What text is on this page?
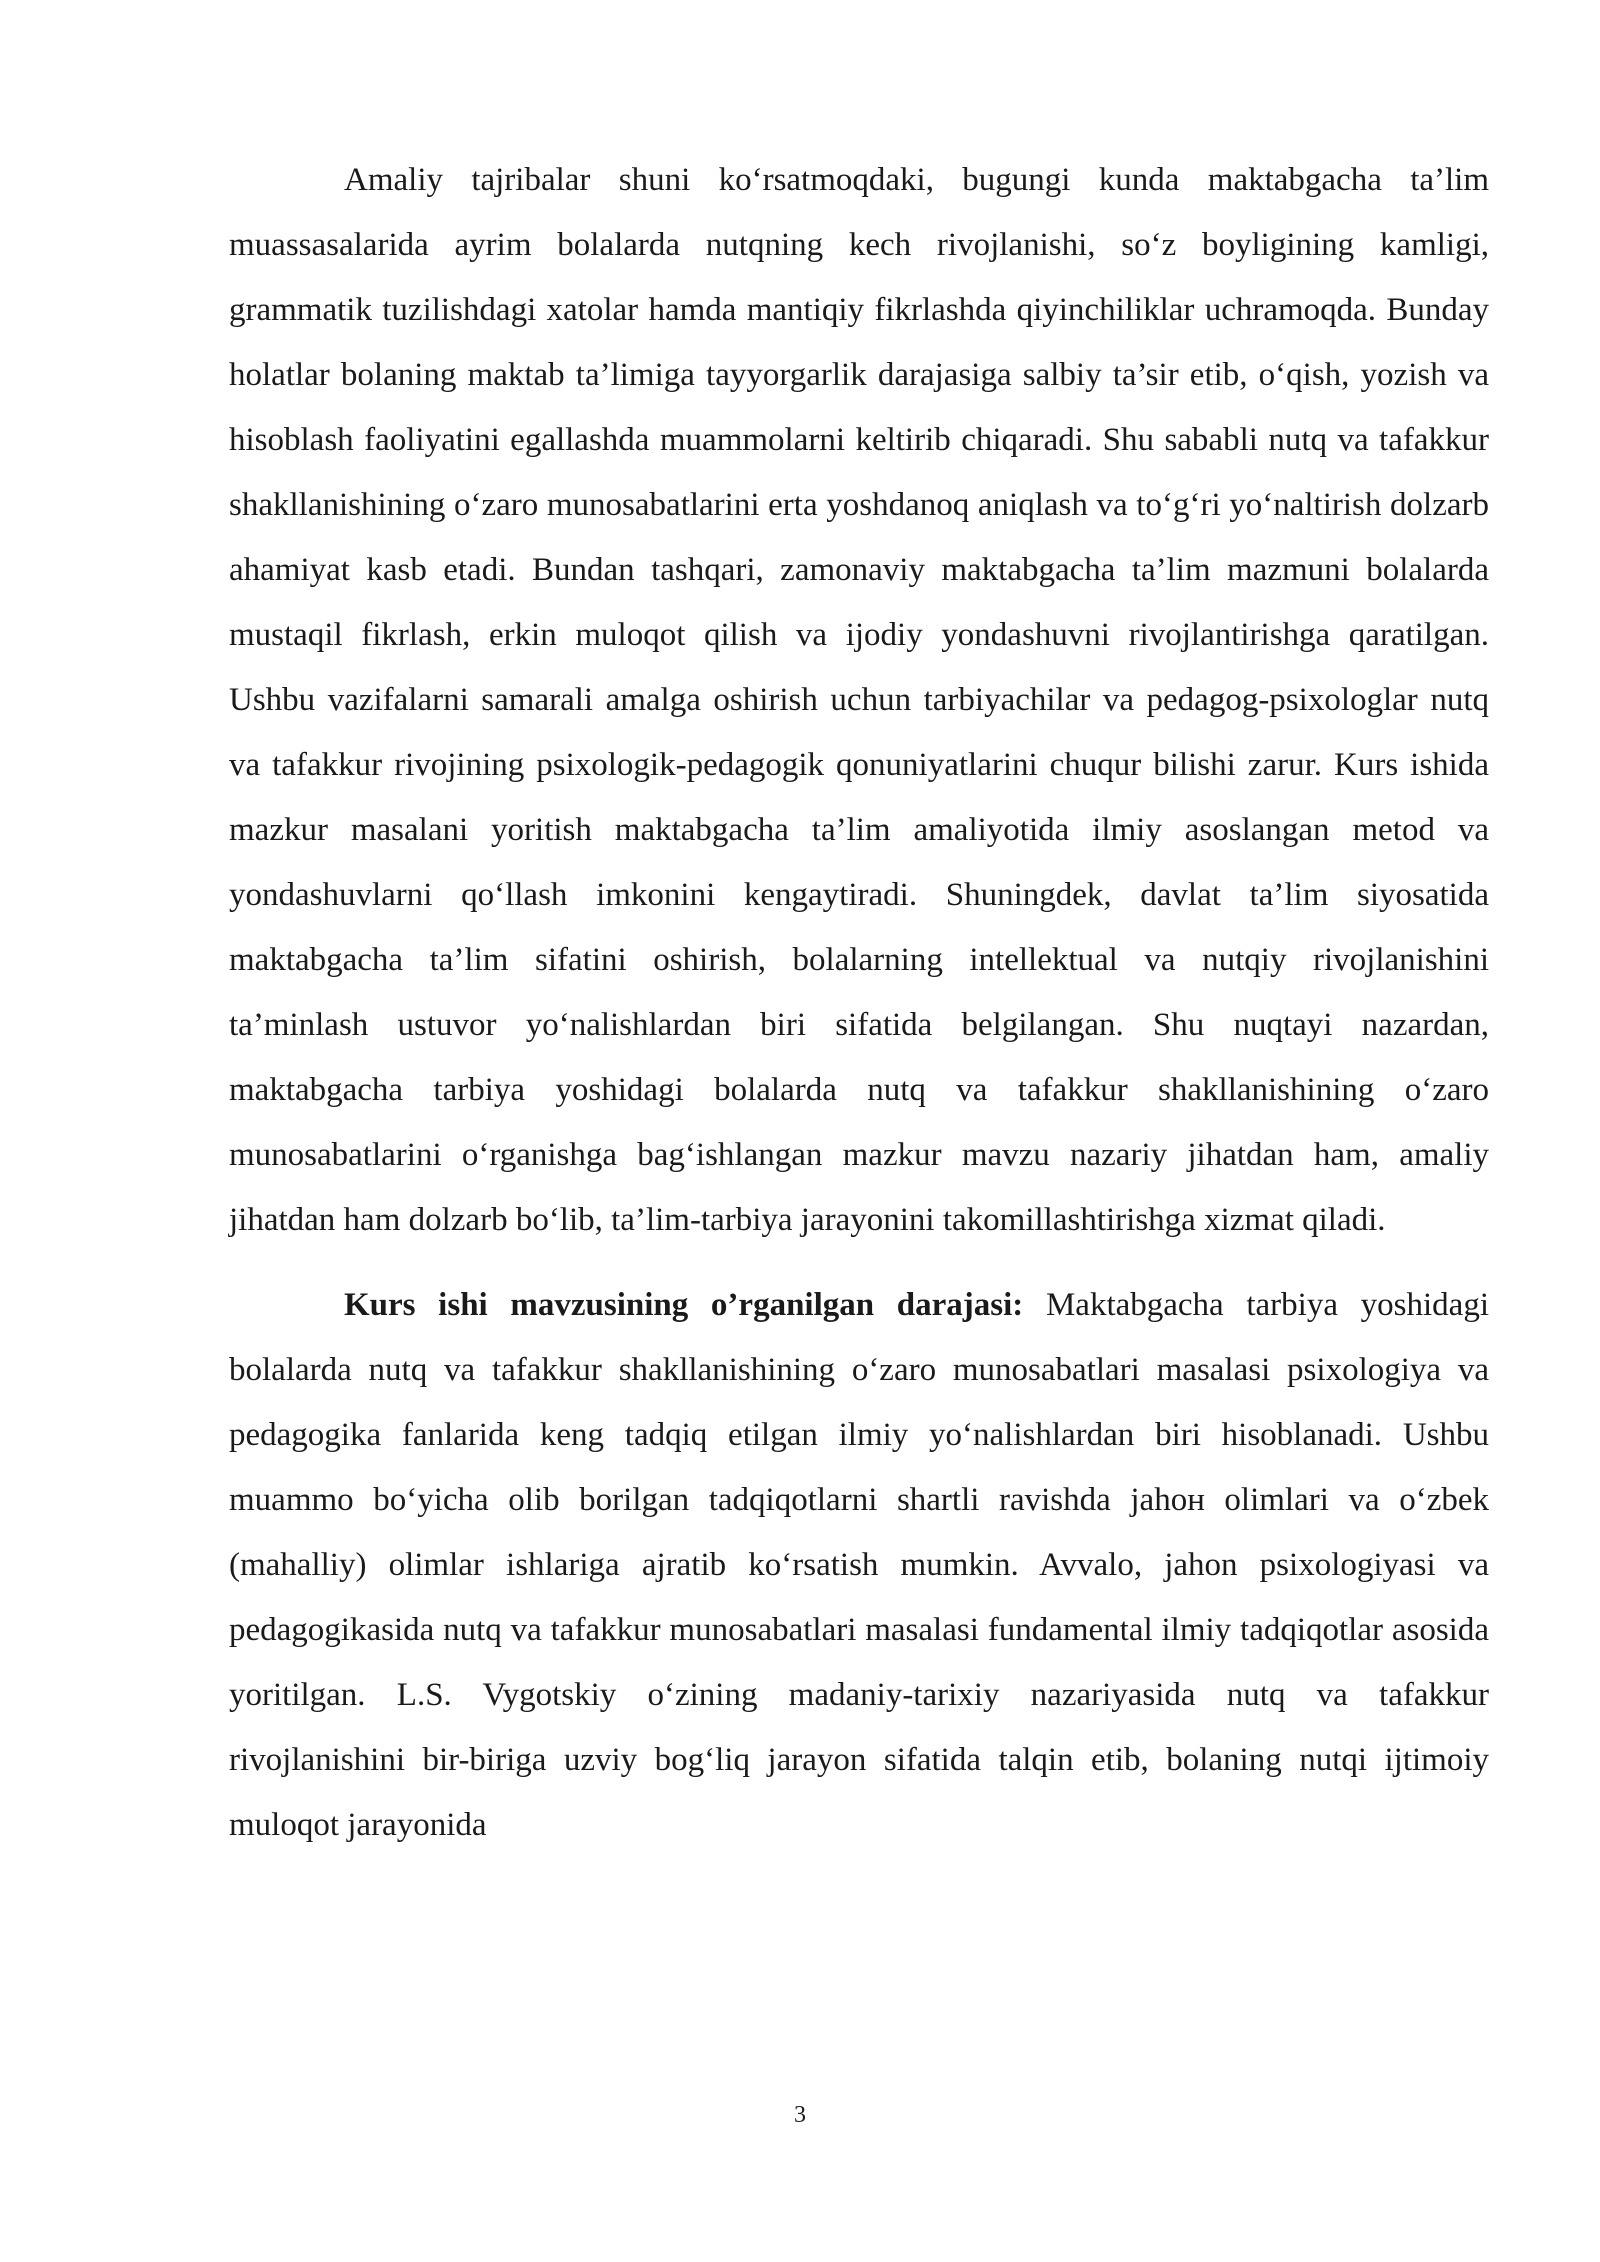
Amaliy tajribalar shuni ko‘rsatmoqdaki, bugungi kunda maktabgacha ta’lim muassasalarida ayrim bolalarda nutqning kech rivojlanishi, so‘z boyligining kamligi, grammatik tuzilishdagi xatolar hamda mantiqiy fikrlashda qiyinchiliklar uchramoqda. Bunday holatlar bolaning maktab ta’limiga tayyorgarlik darajasiga salbiy ta’sir etib, o‘qish, yozish va hisoblash faoliyatini egallashda muammolarni keltirib chiqaradi. Shu sababli nutq va tafakkur shakllanishining o‘zaro munosabatlarini erta yoshdanoq aniqlash va to‘g‘ri yo‘naltirish dolzarb ahamiyat kasb etadi. Bundan tashqari, zamonaviy maktabgacha ta’lim mazmuni bolalarda mustaqil fikrlash, erkin muloqot qilish va ijodiy yondashuvni rivojlantirishga qaratilgan. Ushbu vazifalarni samarali amalga oshirish uchun tarbiyachilar va pedagog-psixologlar nutq va tafakkur rivojining psixologik-pedagogik qonuniyatlarini chuqur bilishi zarur. Kurs ishida mazkur masalani yoritish maktabgacha ta’lim amaliyotida ilmiy asoslangan metod va yondashuvlarni qo‘llash imkonini kengaytiradi. Shuningdek, davlat ta’lim siyosatida maktabgacha ta’lim sifatini oshirish, bolalarning intellektual va nutqiy rivojlanishini ta’minlash ustuvor yo‘nalishlardan biri sifatida belgilangan. Shu nuqtayi nazardan, maktabgacha tarbiya yoshidagi bolalarda nutq va tafakkur shakllanishining o‘zaro munosabatlarini o‘rganishga bag‘ishlangan mazkur mavzu nazariy jihatdan ham, amaliy jihatdan ham dolzarb bo‘lib, ta’lim-tarbiya jarayonini takomillashtirishga xizmat qiladi.

Kurs ishi mavzusining o’rganilgan darajasi: Maktabgacha tarbiya yoshidagi bolalarda nutq va tafakkur shakllanishining o‘zaro munosabatlari masalasi psixologiya va pedagogika fanlarida keng tadqiq etilgan ilmiy yo‘nalishlardan biri hisoblanadi. Ushbu muammo bo‘yicha olib borilgan tadqiqotlarni shartli ravishda jahoн olimlari va o‘zbek (mahalliy) olimlar ishlariga ajratib ko‘rsatish mumkin. Avvalo, jahon psixologiyasi va pedagogikasida nutq va tafakkur munosabatlari masalasi fundamental ilmiy tadqiqotlar asosida yoritilgan. L.S. Vygotskiy o‘zining madaniy-tarixiy nazariyasida nutq va tafakkur rivojlanishini bir-biriga uzviy bog‘liq jarayon sifatida talqin etib, bolaning nutqi ijtimoiy muloqot jarayonida

3
